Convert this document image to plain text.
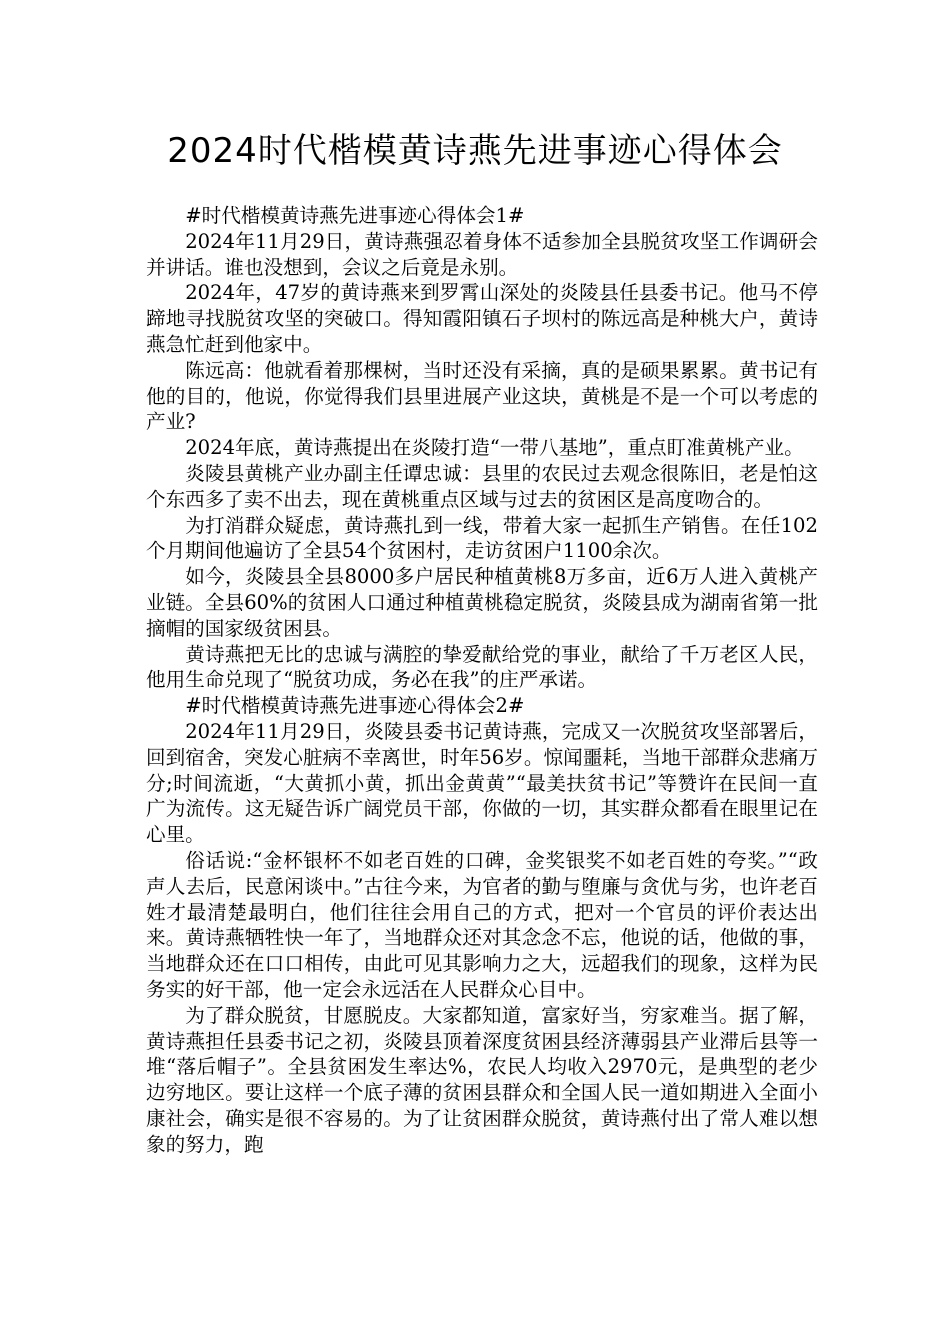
2024时代楷模黄诗燕先进事迹心得体会

#时代楷模黄诗燕先进事迹心得体会1#

2024年11月29日，黄诗燕强忍着身体不适参加全县脱贫攻坚工作调研会并讲话。谁也没想到，会议之后竟是永别。

2024年，47岁的黄诗燕来到罗霄山深处的炎陵县任县委书记。他马不停蹄地寻找脱贫攻坚的突破口。得知霞阳镇石子坝村的陈远高是种桃大户，黄诗燕急忙赶到他家中。

陈远高：他就看着那棵树，当时还没有采摘，真的是硕果累累。黄书记有他的目的，他说，你觉得我们县里进展产业这块，黄桃是不是一个可以考虑的产业?

2024年底，黄诗燕提出在炎陵打造“一带八基地”，重点盯准黄桃产业。

炎陵县黄桃产业办副主任谭忠诚：县里的农民过去观念很陈旧，老是怕这个东西多了卖不出去，现在黄桃重点区域与过去的贫困区是高度吻合的。

为打消群众疑虑，黄诗燕扎到一线，带着大家一起抓生产销售。在任102个月期间他遍访了全县54个贫困村，走访贫困户1100余次。

如今，炎陵县全县8000多户居民种植黄桃8万多亩，近6万人进入黄桃产业链。全县60%的贫困人口通过种植黄桃稳定脱贫，炎陵县成为湖南省第一批摘帽的国家级贫困县。

黄诗燕把无比的忠诚与满腔的挚爱献给党的事业，献给了千万老区人民，他用生命兑现了“脱贫功成，务必在我”的庄严承诺。

#时代楷模黄诗燕先进事迹心得体会2#

2024年11月29日，炎陵县委书记黄诗燕，完成又一次脱贫攻坚部署后，回到宿舍，突发心脏病不幸离世，时年56岁。惊闻噩耗，当地干部群众悲痛万分;时间流逝，“大黄抓小黄，抓出金黄黄”“最美扶贫书记”等赞许在民间一直广为流传。这无疑告诉广阔党员干部，你做的一切，其实群众都看在眼里记在心里。

俗话说:“金杯银杯不如老百姓的口碑，金奖银奖不如老百姓的夸奖。”“政声人去后，民意闲谈中。”古往今来，为官者的勤与堕廉与贪优与劣，也许老百姓才最清楚最明白，他们往往会用自己的方式，把对一个官员的评价表达出来。黄诗燕牺牲快一年了，当地群众还对其念念不忘，他说的话，他做的事，当地群众还在口口相传，由此可见其影响力之大，远超我们的现象，这样为民务实的好干部，他一定会永远活在人民群众心目中。

为了群众脱贫，甘愿脱皮。大家都知道，富家好当，穷家难当。据了解，黄诗燕担任县委书记之初，炎陵县顶着深度贫困县经济薄弱县产业滞后县等一堆“落后帽子”。全县贫困发生率达%，农民人均收入2970元，是典型的老少边穷地区。要让这样一个底子薄的贫困县群众和全国人民一道如期进入全面小康社会，确实是很不容易的。为了让贫困群众脱贫，黄诗燕付出了常人难以想象的努力，跑
